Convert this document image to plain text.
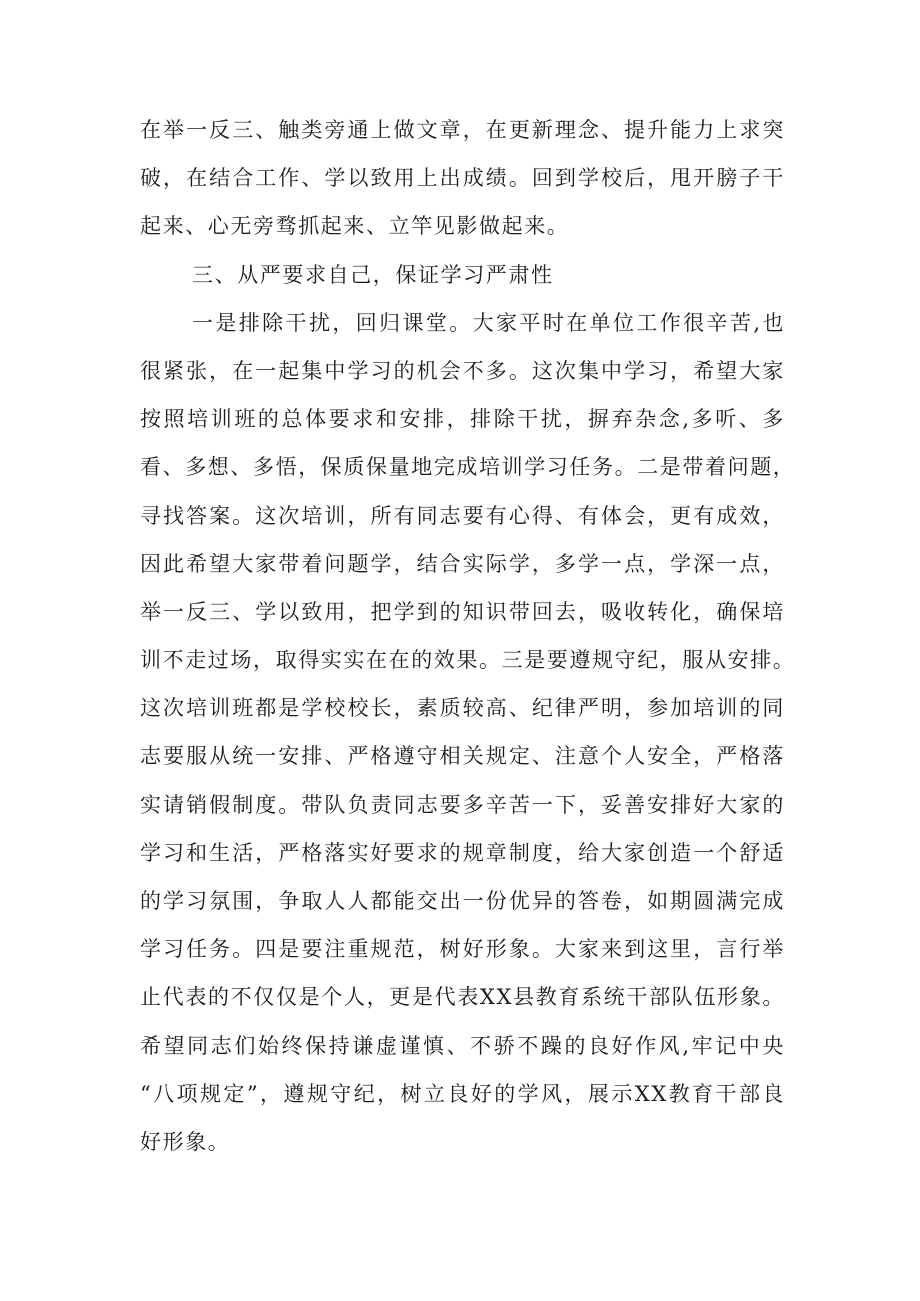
在举一反三、触类旁通上做文章，在更新理念、提升能力上求突
破，在结合工作、学以致用上出成绩。回到学校后，甩开膀子干
起来、心无旁骛抓起来、立竿见影做起来。
三、从严要求自己，保证学习严肃性
一是排除干扰，回归课堂。大家平时在单位工作很辛苦,也
很紧张，在一起集中学习的机会不多。这次集中学习，希望大家
按照培训班的总体要求和安排，排除干扰，摒弃杂念,多听、多
看、多想、多悟，保质保量地完成培训学习任务。二是带着问题，
寻找答案。这次培训，所有同志要有心得、有体会，更有成效，
因此希望大家带着问题学，结合实际学，多学一点，学深一点，
举一反三、学以致用，把学到的知识带回去，吸收转化，确保培
训不走过场，取得实实在在的效果。三是要遵规守纪，服从安排。
这次培训班都是学校校长，素质较高、纪律严明，参加培训的同
志要服从统一安排、严格遵守相关规定、注意个人安全，严格落
实请销假制度。带队负责同志要多辛苦一下，妥善安排好大家的
学习和生活，严格落实好要求的规章制度，给大家创造一个舒适
的学习氛围，争取人人都能交出一份优异的答卷，如期圆满完成
学习任务。四是要注重规范，树好形象。大家来到这里，言行举
止代表的不仅仅是个人，更是代表XX县教育系统干部队伍形象。
希望同志们始终保持谦虚谨慎、不骄不躁的良好作风,牢记中央
“八项规定”，遵规守纪，树立良好的学风，展示XX教育干部良
好形象。
